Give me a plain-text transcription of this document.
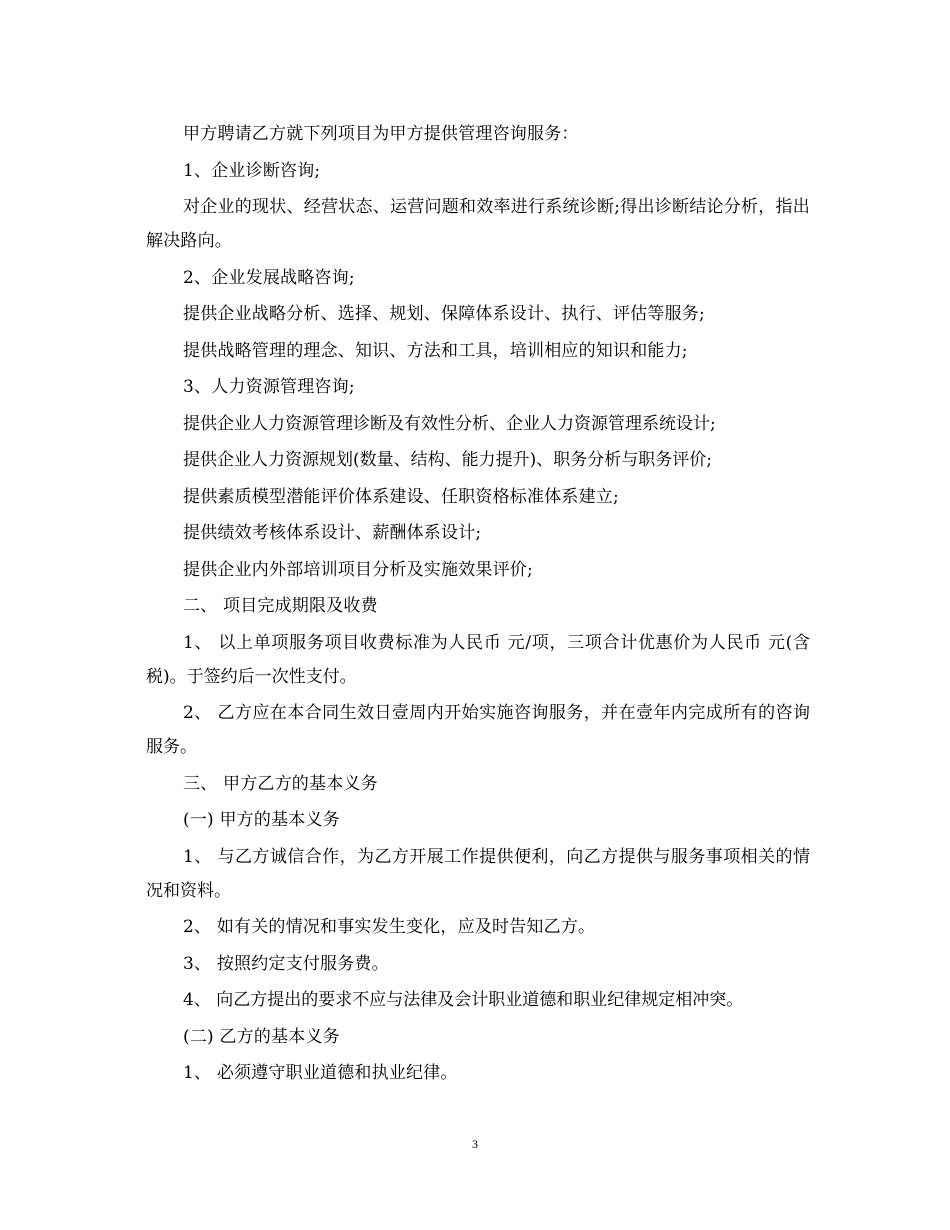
甲方聘请乙方就下列项目为甲方提供管理咨询服务：

1、企业诊断咨询;

对企业的现状、经营状态、运营问题和效率进行系统诊断;得出诊断结论分析，指出解决路向。

2、企业发展战略咨询;

提供企业战略分析、选择、规划、保障体系设计、执行、评估等服务;

提供战略管理的理念、知识、方法和工具，培训相应的知识和能力;

3、人力资源管理咨询;

提供企业人力资源管理诊断及有效性分析、企业人力资源管理系统设计;

提供企业人力资源规划(数量、结构、能力提升)、职务分析与职务评价;

提供素质模型潜能评价体系建设、任职资格标准体系建立;

提供绩效考核体系设计、薪酬体系设计;

提供企业内外部培训项目分析及实施效果评价;

二、 项目完成期限及收费

1、 以上单项服务项目收费标准为人民币 元/项，三项合计优惠价为人民币 元(含税)。于签约后一次性支付。

2、 乙方应在本合同生效日壹周内开始实施咨询服务，并在壹年内完成所有的咨询服务。

三、 甲方乙方的基本义务

(一) 甲方的基本义务

1、 与乙方诚信合作，为乙方开展工作提供便利，向乙方提供与服务事项相关的情况和资料。

2、 如有关的情况和事实发生变化，应及时告知乙方。

3、 按照约定支付服务费。

4、 向乙方提出的要求不应与法律及会计职业道德和职业纪律规定相冲突。

(二) 乙方的基本义务

1、 必须遵守职业道德和执业纪律。

3
